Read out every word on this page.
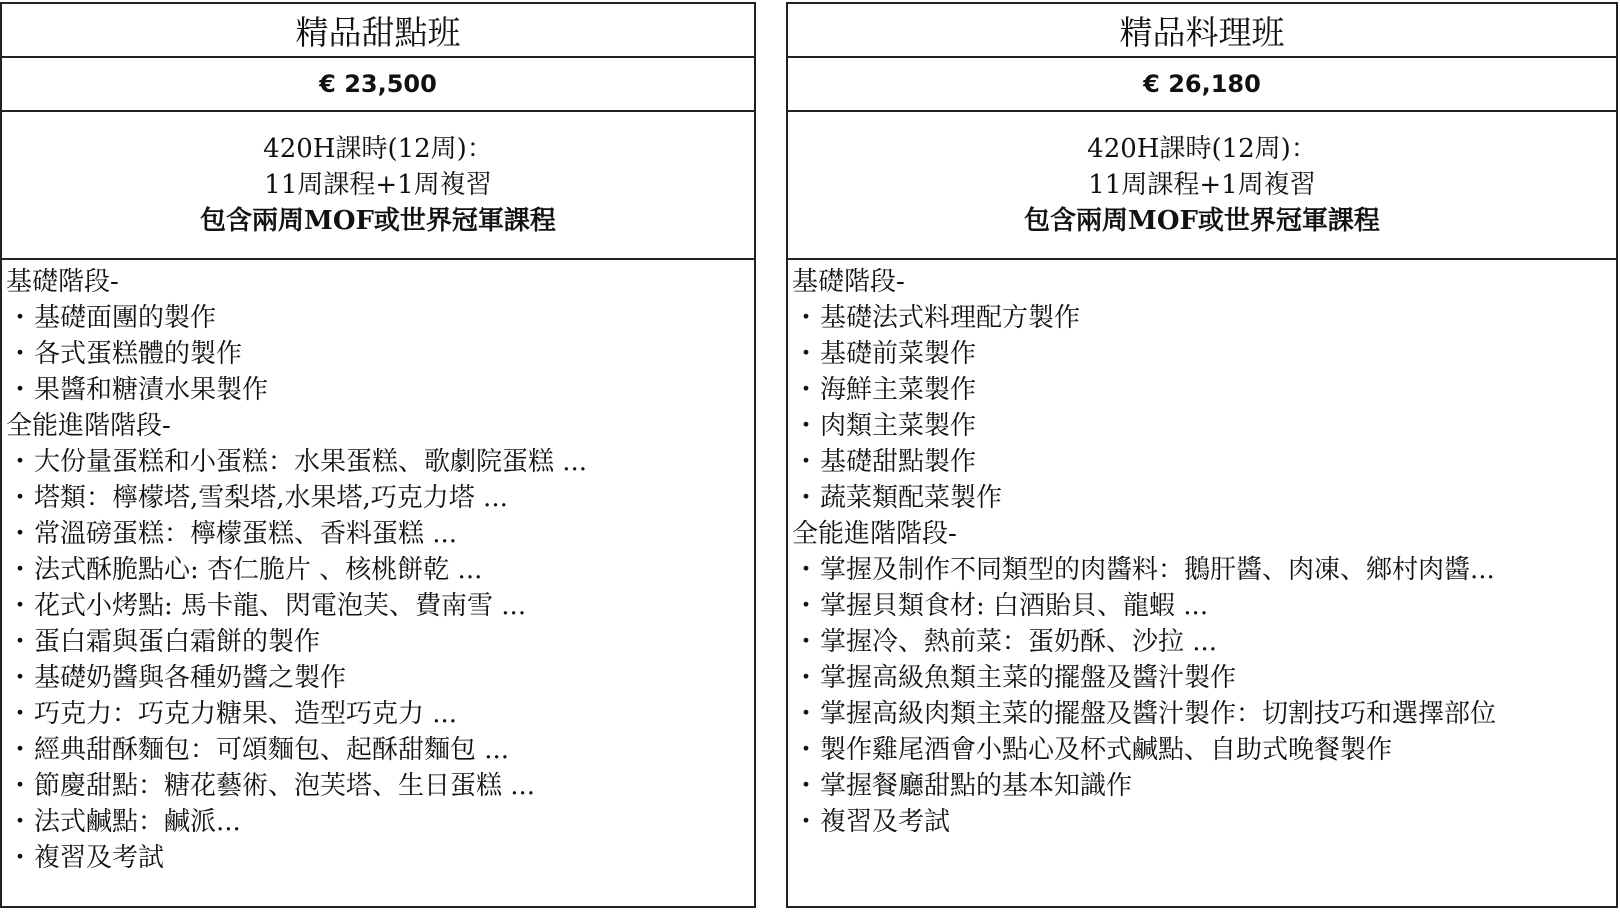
精品甜點班
€ 23,500
420H課時(12周)：
11周課程+1周複習
包含兩周MOF或世界冠軍課程
基礎階段-
・基礎面團的製作
・各式蛋糕體的製作
・果醬和糖漬水果製作
全能進階階段-
・大份量蛋糕和小蛋糕：水果蛋糕、歌劇院蛋糕 ...
・塔類：檸檬塔,雪梨塔,水果塔,巧克力塔 ...
・常溫磅蛋糕：檸檬蛋糕、香料蛋糕 ...
・法式酥脆點心: 杏仁脆片 、核桃餅乾 ...
・花式小烤點: 馬卡龍、閃電泡芙、費南雪 ...
・蛋白霜與蛋白霜餅的製作
・基礎奶醬與各種奶醬之製作
・巧克力：巧克力糖果、造型巧克力 ...
・經典甜酥麵包：可頌麵包、起酥甜麵包 ...
・節慶甜點：糖花藝術、泡芙塔、生日蛋糕 ...
・法式鹹點：鹹派...
・複習及考試
精品料理班
€ 26,180
420H課時(12周)：
11周課程+1周複習
包含兩周MOF或世界冠軍課程
基礎階段-
・基礎法式料理配方製作
・基礎前菜製作
・海鮮主菜製作
・肉類主菜製作
・基礎甜點製作
・蔬菜類配菜製作
全能進階階段-
・掌握及制作不同類型的肉醬料：鵝肝醬、肉凍、鄉村肉醬...
・掌握貝類食材: 白酒貽貝、龍蝦 ...
・掌握冷、熱前菜：蛋奶酥、沙拉 ...
・掌握高級魚類主菜的擺盤及醬汁製作
・掌握高級肉類主菜的擺盤及醬汁製作：切割技巧和選擇部位
・製作雞尾酒會小點心及杯式鹹點、自助式晚餐製作
・掌握餐廳甜點的基本知識作
・複習及考試
